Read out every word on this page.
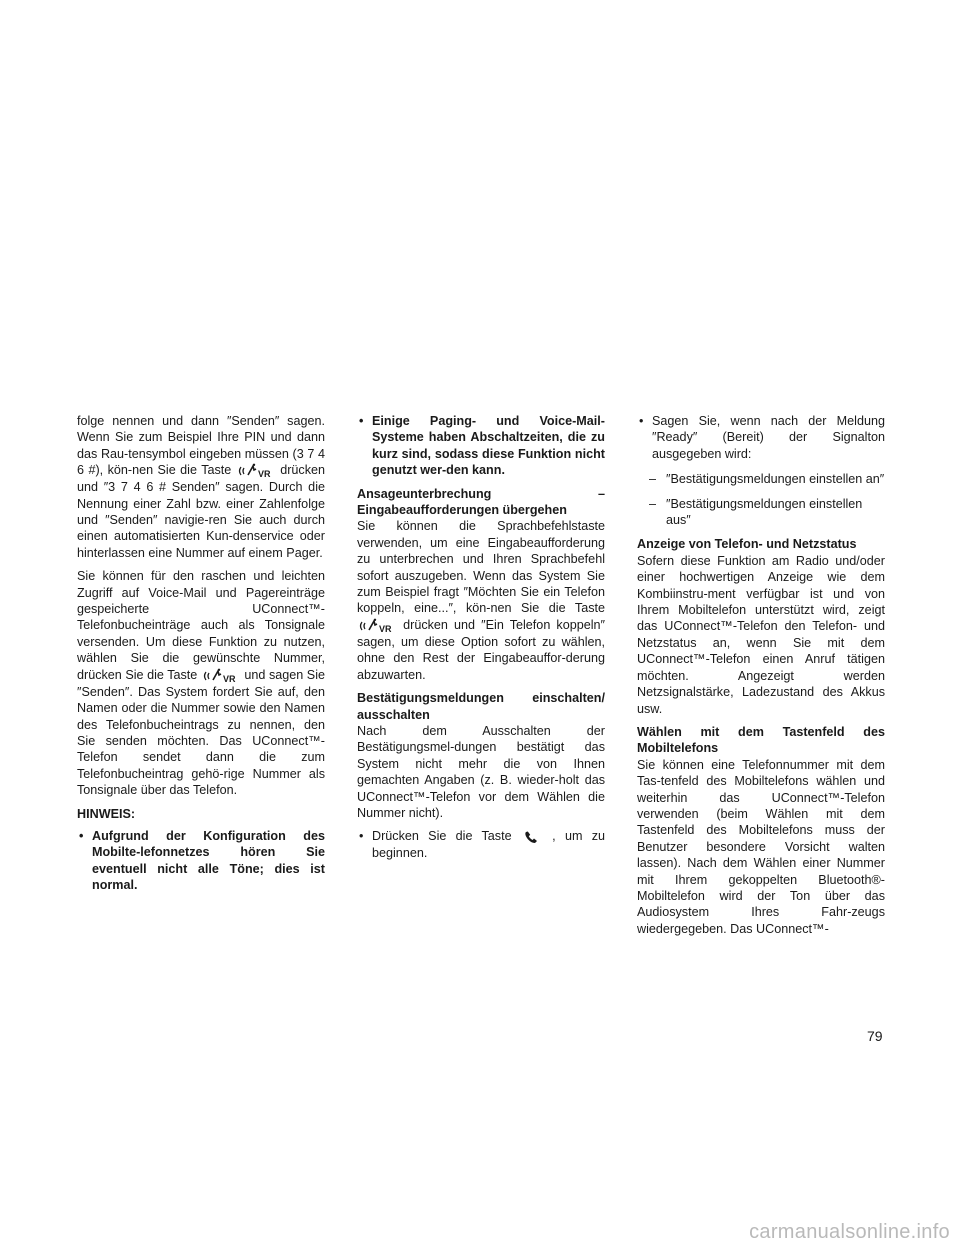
folge nennen und dann ″Senden″ sagen. Wenn Sie zum Beispiel Ihre PIN und dann das Rau-tensymbol eingeben müssen (3 7 4 6 #), kön-nen Sie die Taste	VR drücken und ″3 7 4 6 # Senden″ sagen. Durch die Nennung einer Zahl bzw. einer Zahlenfolge und ″Senden″ navigie-ren Sie auch durch einen automatisierten Kun-denservice oder hinterlassen eine Nummer auf einem Pager.

Sie können für den raschen und leichten Zugriff auf Voice-Mail und Pagereinträge gespeicherte UConnect™-Telefonbucheinträge auch als Tonsignale versenden. Um diese Funktion zu nutzen, wählen Sie die gewünschte Nummer, drücken Sie die Taste	VR und sagen Sie ″Senden″. Das System fordert Sie auf, den Namen oder die Nummer sowie den Namen des Telefonbucheintrags zu nennen, den Sie senden möchten. Das UConnect™-Telefon sendet dann die zum Telefonbucheintrag gehö-rige Nummer als Tonsignale über das Telefon.

HINWEIS:

• Aufgrund der Konfiguration des Mobilte-lefonnetzes hören Sie eventuell nicht alle Töne; dies ist normal.
• Einige Paging- und Voice-Mail-Systeme haben Abschaltzeiten, die zu kurz sind, sodass diese Funktion nicht genutzt wer-den kann.

Ansageunterbrechung – Eingabeaufforderungen übergehen

Sie können die Sprachbefehlstaste verwenden, um eine Eingabeaufforderung zu unterbrechen und Ihren Sprachbefehl sofort auszugeben. Wenn das System Sie zum Beispiel fragt ″Möchten Sie ein Telefon koppeln, eine...″, kön-nen Sie die Taste
VR drücken und ″Ein Telefon koppeln″ sagen, um diese Option sofort zu wählen, ohne den Rest der Eingabeauffor-derung abzuwarten.

Bestätigungsmeldungen einschalten/ ausschalten

Nach dem Ausschalten der Bestätigungsmel-dungen bestätigt das System nicht mehr die von Ihnen gemachten Angaben (z. B. wieder-holt das UConnect™-Telefon vor dem Wählen die Nummer nicht).

• Drücken Sie die Taste	, um zu beginnen.
• Sagen Sie, wenn nach der Meldung ″Ready″ (Bereit) der Signalton ausgegeben wird:
– ″Bestätigungsmeldungen einstellen an″
– ″Bestätigungsmeldungen einstellen aus″

Anzeige von Telefon- und Netzstatus

Sofern diese Funktion am Radio und/oder einer hochwertigen Anzeige wie dem Kombiinstru-ment verfügbar ist und von Ihrem Mobiltelefon unterstützt wird, zeigt das UConnect™-Telefon den Telefon- und Netzstatus an, wenn Sie mit dem UConnect™-Telefon einen Anruf tätigen möchten. Angezeigt werden Netzsignalstärke, Ladezustand des Akkus usw.

Wählen mit dem Tastenfeld des Mobiltelefons

Sie können eine Telefonnummer mit dem Tas-tenfeld des Mobiltelefons wählen und weiterhin das UConnect™-Telefon verwenden (beim Wählen mit dem Tastenfeld des Mobiltelefons muss der Benutzer besondere Vorsicht walten lassen). Nach dem Wählen einer Nummer mit Ihrem gekoppelten Bluetooth®-Mobiltelefon wird der Ton über das Audiosystem Ihres Fahr-zeugs wiedergegeben. Das UConnect™-

79
carmanualsonline.info
